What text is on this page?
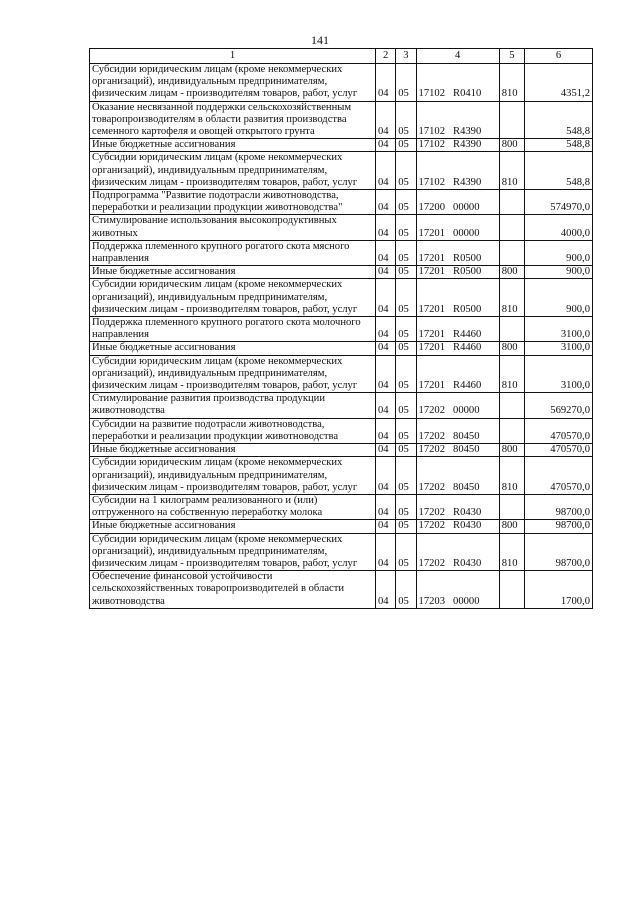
141
1	2	3	4	5	6
Субсидии юридическим лицам (кроме некоммерческих организаций), индивидуальным предпринимателям, физическим лицам - производителям товаров, работ, услуг	04	05	17102 R0410	810	4351,2
Оказание несвязанной поддержки сельскохозяйственным товаропроизводителям в области развития производства семенного картофеля и овощей открытого грунта	04	05	17102 R4390		548,8
Иные бюджетные ассигнования	04	05	17102 R4390	800	548,8
Субсидии юридическим лицам (кроме некоммерческих организаций), индивидуальным предпринимателям, физическим лицам - производителям товаров, работ, услуг	04	05	17102 R4390	810	548,8
Подпрограмма "Развитие подотрасли животноводства, переработки и реализации продукции животноводства"	04	05	17200 00000		574970,0
Стимулирование использования высокопродуктивных животных	04	05	17201 00000		4000,0
Поддержка племенного крупного рогатого скота мясного направления	04	05	17201 R0500		900,0
Иные бюджетные ассигнования	04	05	17201 R0500	800	900,0
Субсидии юридическим лицам (кроме некоммерческих организаций), индивидуальным предпринимателям, физическим лицам - производителям товаров, работ, услуг	04	05	17201 R0500	810	900,0
Поддержка племенного крупного рогатого скота молочного направления	04	05	17201 R4460		3100,0
Иные бюджетные ассигнования	04	05	17201 R4460	800	3100,0
Субсидии юридическим лицам (кроме некоммерческих организаций), индивидуальным предпринимателям, физическим лицам - производителям товаров, работ, услуг	04	05	17201 R4460	810	3100,0
Стимулирование развития производства продукции животноводства	04	05	17202 00000		569270,0
Субсидии на развитие подотрасли животноводства, переработки и реализации продукции животноводства	04	05	17202 80450		470570,0
Иные бюджетные ассигнования	04	05	17202 80450	800	470570,0
Субсидии юридическим лицам (кроме некоммерческих организаций), индивидуальным предпринимателям, физическим лицам - производителям товаров, работ, услуг	04	05	17202 80450	810	470570,0
Субсидии на 1 килограмм реализованного и (или) отгруженного на собственную переработку молока	04	05	17202 R0430		98700,0
Иные бюджетные ассигнования	04	05	17202 R0430	800	98700,0
Субсидии юридическим лицам (кроме некоммерческих организаций), индивидуальным предпринимателям, физическим лицам - производителям товаров, работ, услуг	04	05	17202 R0430	810	98700,0
Обеспечение финансовой устойчивости сельскохозяйственных товаропроизводителей в области животноводства	04	05	17203 00000		1700,0
